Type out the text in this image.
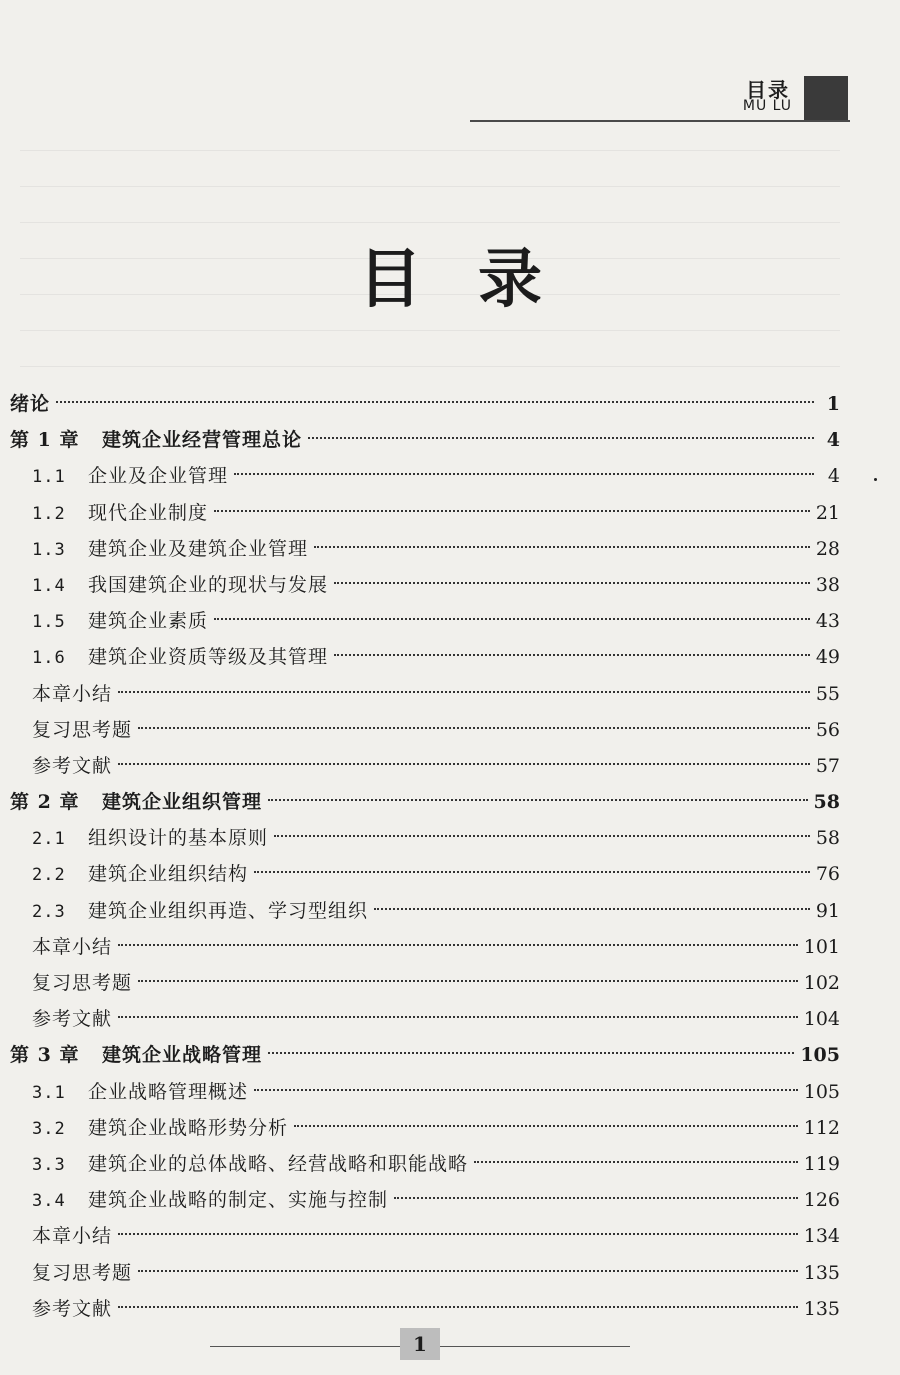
目录
MU LU
目录
绪论	1
第 1 章	建筑企业经营管理总论	4
1.1	企业及企业管理	4
1.2	现代企业制度	21
1.3	建筑企业及建筑企业管理	28
1.4	我国建筑企业的现状与发展	38
1.5	建筑企业素质	43
1.6	建筑企业资质等级及其管理	49
本章小结	55
复习思考题	56
参考文献	57
第 2 章	建筑企业组织管理	58
2.1	组织设计的基本原则	58
2.2	建筑企业组织结构	76
2.3	建筑企业组织再造、学习型组织	91
本章小结	101
复习思考题	102
参考文献	104
第 3 章	建筑企业战略管理	105
3.1	企业战略管理概述	105
3.2	建筑企业战略形势分析	112
3.3	建筑企业的总体战略、经营战略和职能战略	119
3.4	建筑企业战略的制定、实施与控制	126
本章小结	134
复习思考题	135
参考文献	135
1
